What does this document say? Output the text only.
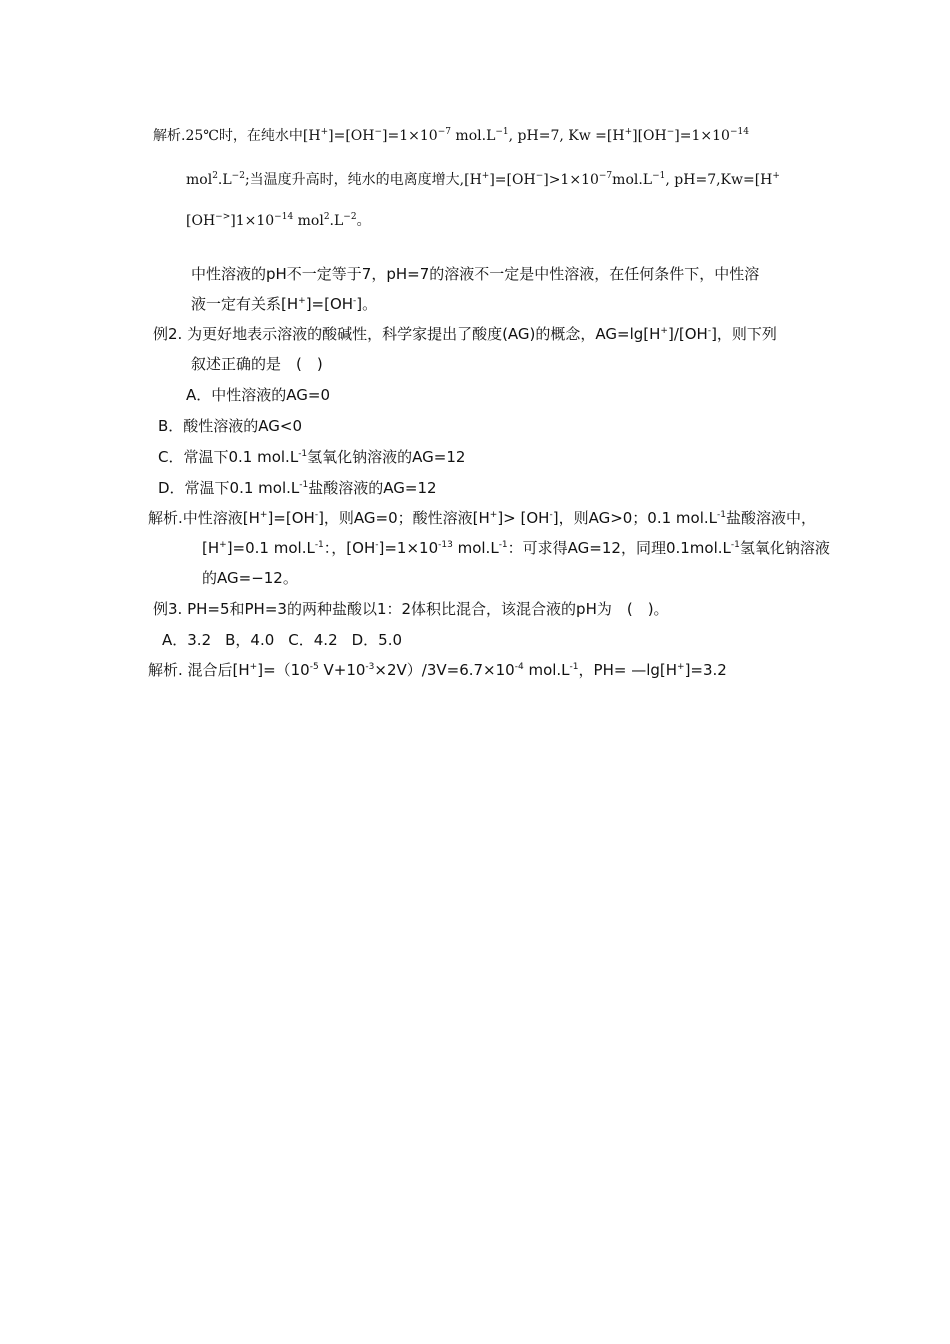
解析.25℃时，在纯水中$[H^+]=[OH^-]=1\times 10^{-7}$ $mol.L^{-1}$, pH=7, $Kw =[H^+][OH^-]=1\times 10^{-14}$
$mol^2.L^{-2}$;当温度升高时，纯水的电离度增大$,[H^+]=[OH^-]>1\times 10^{-7}mol.L^{-1}$, pH=7,Kw=[H+
$[OH^{->}]1\times 10^{-14}$ $mol^2.L^{-2}$。
中性溶液的pH不一定等于7，pH=7的溶液不一定是中性溶液，在任何条件下，中性溶
液一定有关系[H+]=[OH-]。
例2. 为更好地表示溶液的酸碱性，科学家提出了酸度(AG)的概念，AG=lg[H+]/[OH-]，则下列
叙述正确的是　(　)
A．中性溶液的AG=0
B．酸性溶液的AG<0
C．常温下0.1 $mol.L^{-1}$氢氧化钠溶液的AG=12
D．常温下0.1 $mol.L^{-1}$盐酸溶液的AG=12
解析.中性溶液[H+]=[OH-]，则AG=0；酸性溶液[H+]> [OH-]，则AG>0；0.1 $mol.L^{-1}$盐酸溶液中，
[H+]=0.1 $mol.L^{-1}$：，$[OH^-]=1\times 10^{-13}$ $mol.L^{-1}$：可求得AG=12，同理$0.1mol.L^{-1}$氢氧化钠溶液
的AG=−12。
例3. PH=5和PH=3的两种盐酸以1：2体积比混合，该混合液的pH为　(　)。
A．3.2 B，4.0 C．4.2 D．5.0
解析. 混合后$[H^+]=(10^{-5}$ $V+10^{-3}\times 2V)/3V=6.7\times 10^{-4}$ $mol.L^{-1}$，PH= —lg[H+]=3.2
